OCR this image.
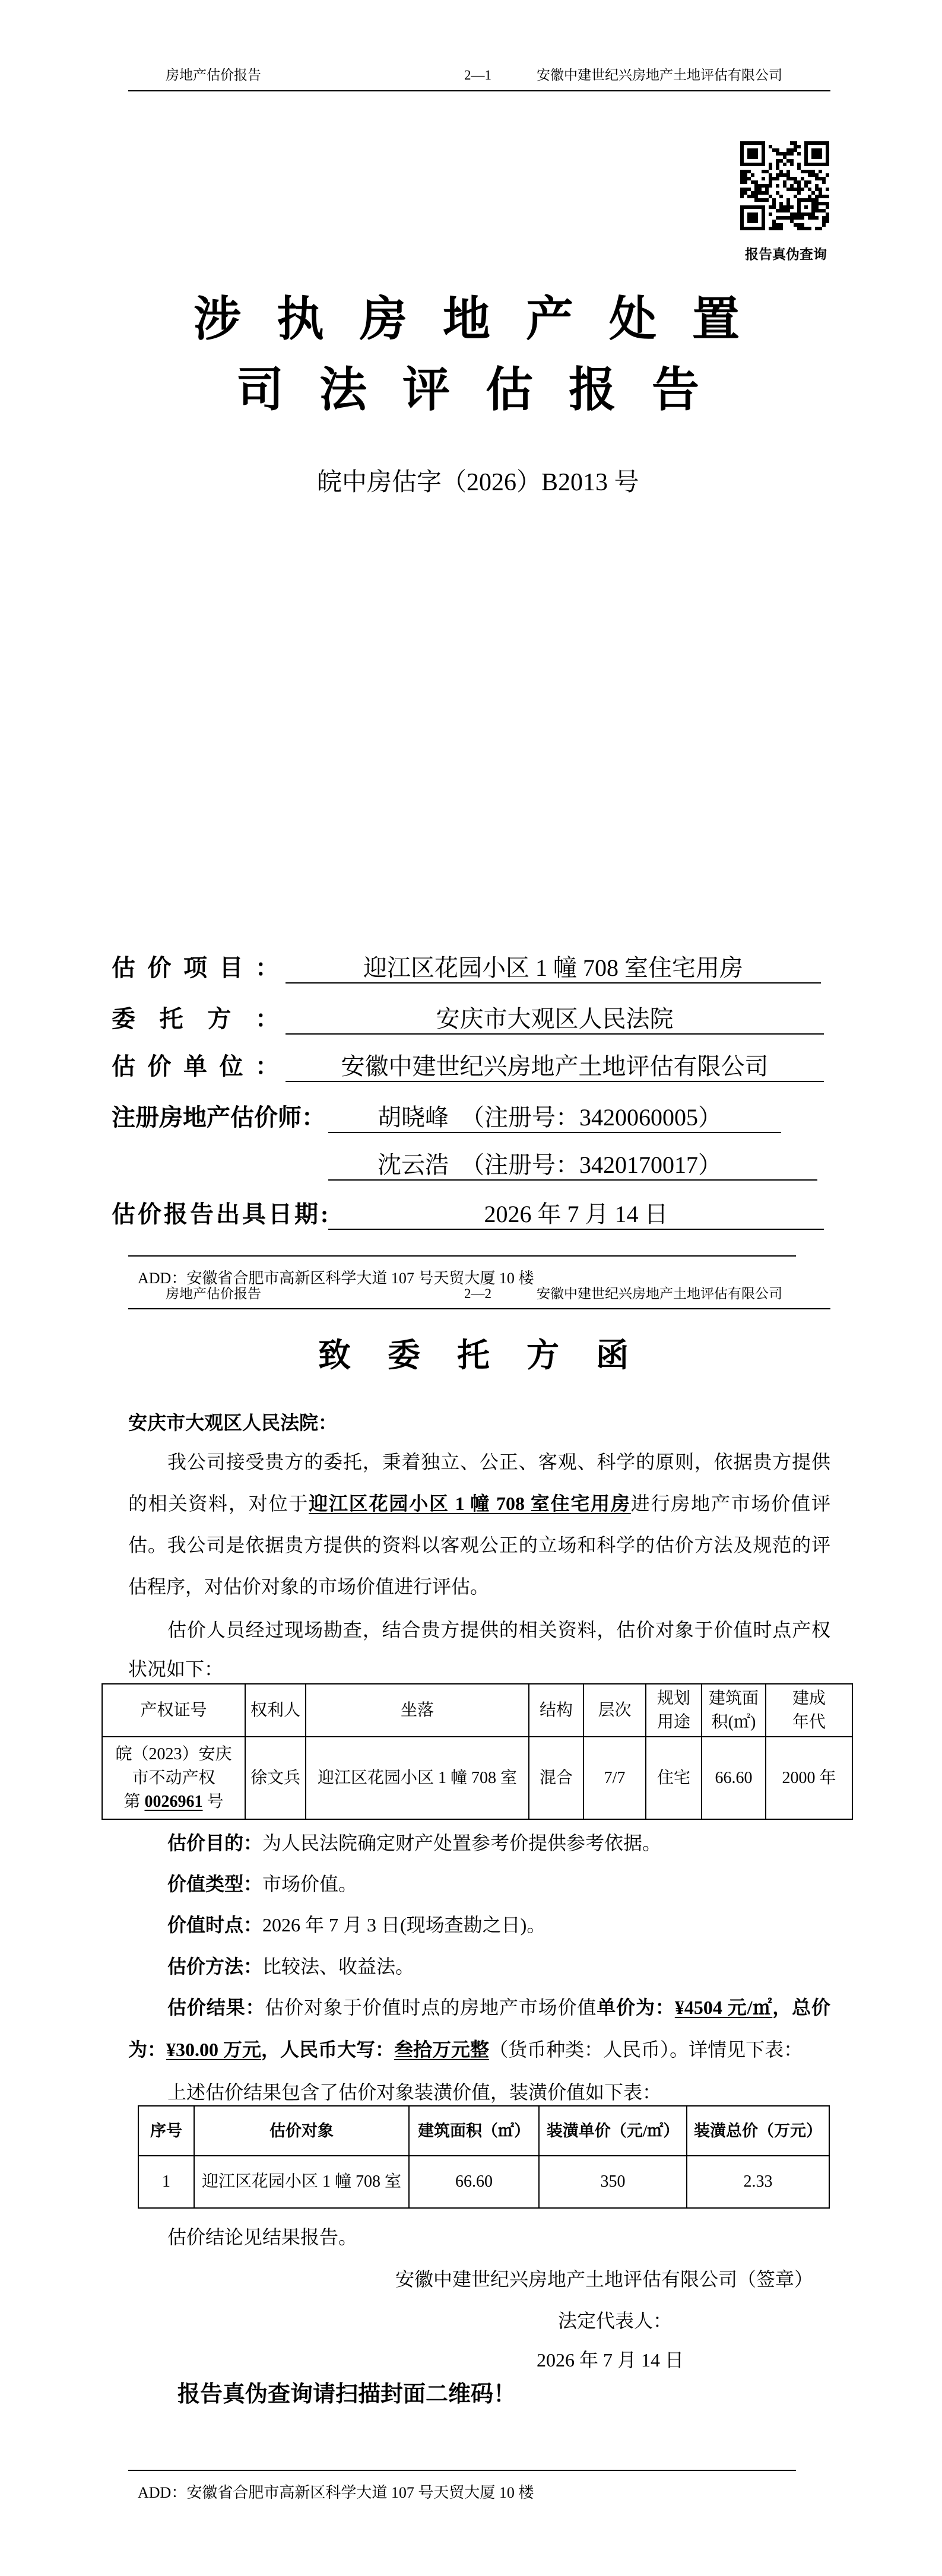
房地产估价报告	2—1	安徽中建世纪兴房地产土地评估有限公司
报告真伪查询
涉执房地产处置
司法评估报告
皖中房估字（2026）B2013 号
估价项目：	迎江区花园小区 1 幢 708 室住宅用房
委托方：	安庆市大观区人民法院
估价单位：	安徽中建世纪兴房地产土地评估有限公司
注册房地产估价师：	胡晓峰　（注册号：3420060005）
沈云浩　（注册号：3420170017）
估价报告出具日期:	2026 年 7 月 14 日
ADD：安徽省合肥市高新区科学大道 107 号天贸大厦 10 楼
房地产估价报告	2—2	安徽中建世纪兴房地产土地评估有限公司
致委托方函
安庆市大观区人民法院：
我公司接受贵方的委托，秉着独立、公正、客观、科学的原则，依据贵方提供的相关资料，对位于迎江区花园小区 1 幢 708 室住宅用房进行房地产市场价值评估。我公司是依据贵方提供的资料以客观公正的立场和科学的估价方法及规范的评估程序，对估价对象的市场价值进行评估。
估价人员经过现场勘查，结合贵方提供的相关资料，估价对象于价值时点产权状况如下：
产权证号	权利人	坐落	结构	层次	规划用途	建筑面积(㎡)	建成年代

皖（2023）安庆
市不动产权
第 0026961 号	徐文兵	迎江区花园小区 1 幢 708 室	混合	7/7	住宅	66.60	2000 年
估价目的：为人民法院确定财产处置参考价提供参考依据。
价值类型：市场价值。
价值时点：2026 年 7 月 3 日(现场查勘之日)。
估价方法：比较法、收益法。
估价结果：估价对象于价值时点的房地产市场价值单价为：¥4504 元/㎡，总价为：¥30.00 万元，人民币大写：叁拾万元整（货币种类：人民币）。详情见下表：
上述估价结果包含了估价对象装潢价值，装潢价值如下表：
序号	估价对象	建筑面积（㎡）	装潢单价（元/㎡）	装潢总价（万元）
1	迎江区花园小区 1 幢 708 室	66.60	350	2.33
估价结论见结果报告。
安徽中建世纪兴房地产土地评估有限公司（签章）
法定代表人：
2026 年 7 月 14 日
报告真伪查询请扫描封面二维码！
ADD：安徽省合肥市高新区科学大道 107 号天贸大厦 10 楼
